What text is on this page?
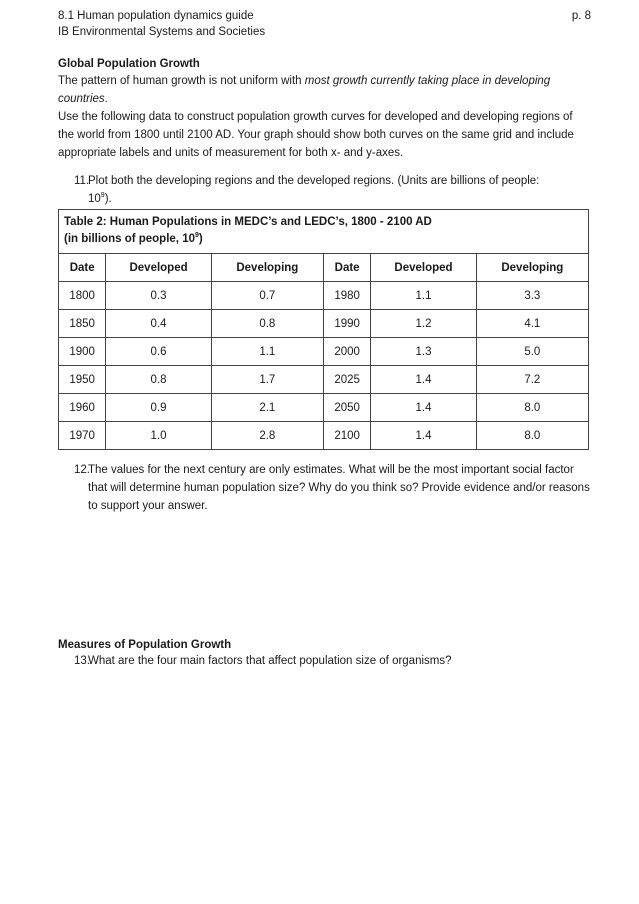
8.1 Human population dynamics guide	p. 8
IB Environmental Systems and Societies
Global Population Growth

The pattern of human growth is not uniform with most growth currently taking place in developing countries.

Use the following data to construct population growth curves for developed and developing regions of the world from 1800 until 2100 AD. Your graph should show both curves on the same grid and include appropriate labels and units of measurement for both x- and y-axes.

11.
Plot both the developing regions and the developed regions. (Units are billions of people:
$10^9$).
Table 2: Human Populations in MEDC’s and LEDC’s, 1800 - 2100 AD
(in billions of people, $10^9$)					
Date	Developed	Developing	Date	Developed	Developing
1800	0.3	0.7	1980	1.1	3.3
1850	0.4	0.8	1990	1.2	4.1
1900	0.6	1.1	2000	1.3	5.0
1950	0.8	1.7	2025	1.4	7.2
1960	0.9	2.1	2050	1.4	8.0
1970	1.0	2.8	2100	1.4	8.0
12.
The values for the next century are only estimates. What will be the most important social factor that will determine human population size? Why do you think so? Provide evidence and/or reasons to support your answer.
Measures of Population Growth
13.
What are the four main factors that affect population size of organisms?
